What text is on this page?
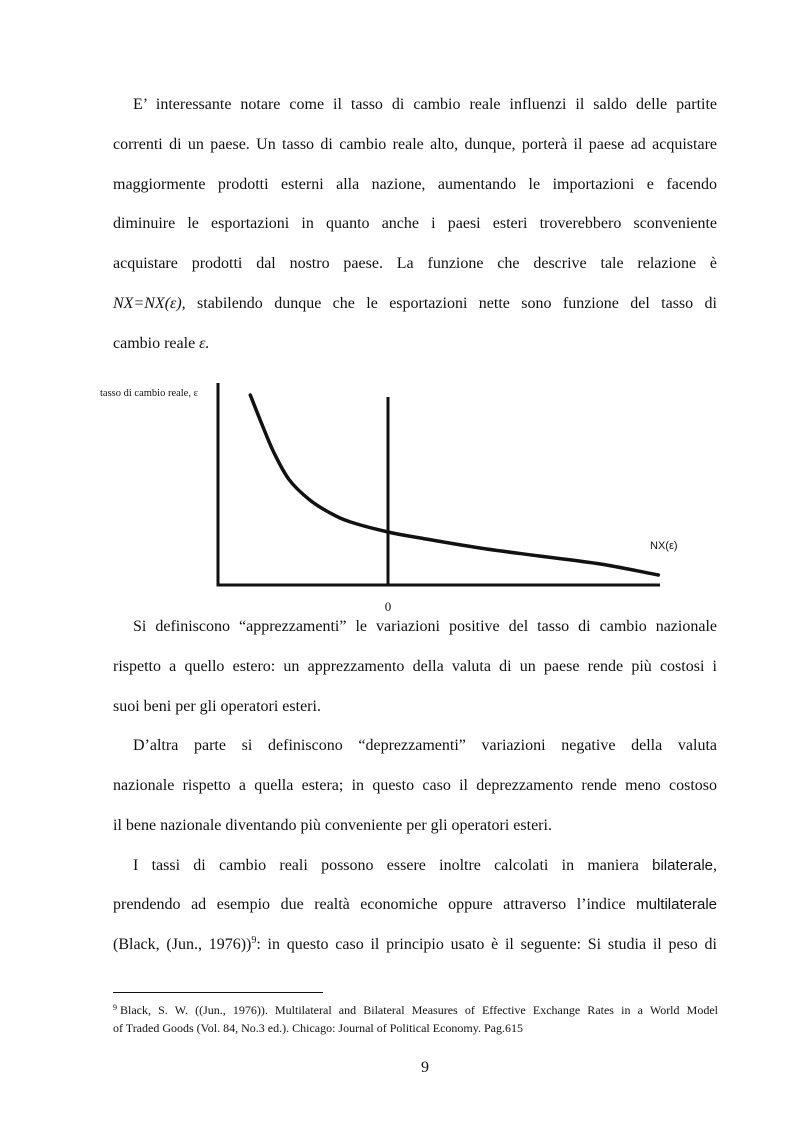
E’ interessante notare come il tasso di cambio reale influenzi il saldo delle partite
correnti di un paese. Un tasso di cambio reale alto, dunque, porterà il paese ad acquistare
maggiormente prodotti esterni alla nazione, aumentando le importazioni e facendo
diminuire le esportazioni in quanto anche i paesi esteri troverebbero sconveniente
acquistare prodotti dal nostro paese. La funzione che descrive tale relazione è
NX=NX(ε), stabilendo dunque che le esportazioni nette sono funzione del tasso di
cambio reale ε.
tasso di cambio reale, ε
NX(ε)
0
Si definiscono “apprezzamenti” le variazioni positive del tasso di cambio nazionale
rispetto a quello estero: un apprezzamento della valuta di un paese rende più costosi i
suoi beni per gli operatori esteri.
D’altra parte si definiscono “deprezzamenti” variazioni negative della valuta
nazionale rispetto a quella estera; in questo caso il deprezzamento rende meno costoso
il bene nazionale diventando più conveniente per gli operatori esteri.
I tassi di cambio reali possono essere inoltre calcolati in maniera bilaterale,
prendendo ad esempio due realtà economiche oppure attraverso l’indice multilaterale
(Black, (Jun., 1976))$^9$: in questo caso il principio usato è il seguente: Si studia il peso di
$^9$ Black, S. W. ((Jun., 1976)). Multilateral and Bilateral Measures of Effective Exchange Rates in a World Model
of Traded Goods (Vol. 84, No.3 ed.). Chicago: Journal of Political Economy. Pag.615
9
